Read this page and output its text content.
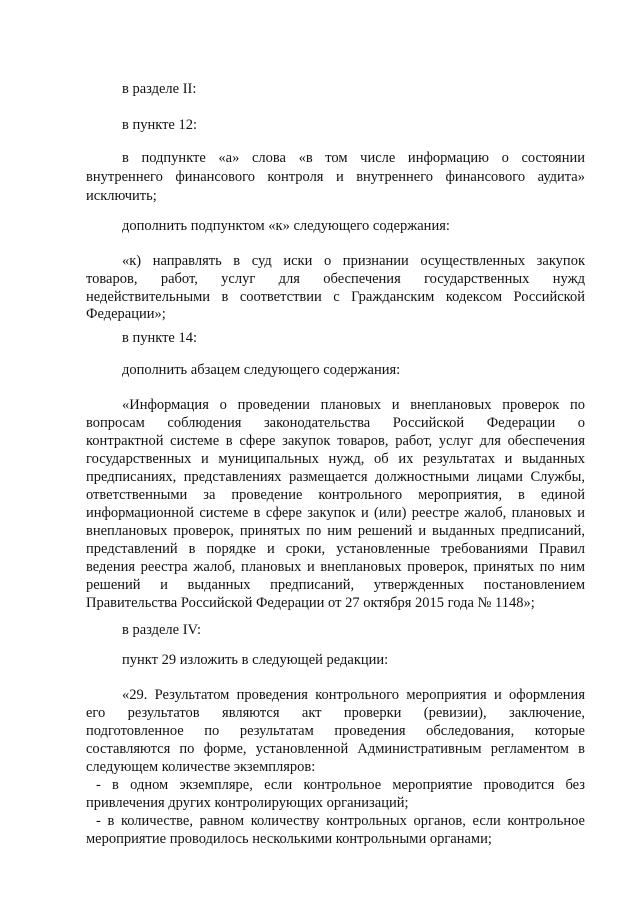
в разделе II:
в пункте 12:
в подпункте «а» слова «в том числе информацию о состоянии
внутреннего финансового контроля и внутреннего финансового аудита»
исключить;
дополнить подпунктом «к» следующего содержания:
«к) направлять в суд иски о признании осуществленных закупок
товаров, работ, услуг для обеспечения государственных нужд
недействительными в соответствии с Гражданским кодексом Российской
Федерации»;
в пункте 14:
дополнить абзацем следующего содержания:
«Информация о проведении плановых и внеплановых проверок по
вопросам соблюдения законодательства Российской Федерации о
контрактной системе в сфере закупок товаров, работ, услуг для обеспечения
государственных и муниципальных нужд, об их результатах и выданных
предписаниях, представлениях размещается должностными лицами Службы,
ответственными за проведение контрольного мероприятия, в единой
информационной системе в сфере закупок и (или) реестре жалоб, плановых и
внеплановых проверок, принятых по ним решений и выданных предписаний,
представлений в порядке и сроки, установленные требованиями Правил
ведения реестра жалоб, плановых и внеплановых проверок, принятых по ним
решений и выданных предписаний, утвержденных постановлением
Правительства Российской Федерации от 27 октября 2015 года № 1148»;
в разделе IV:
пункт 29 изложить в следующей редакции:
«29. Результатом проведения контрольного мероприятия и оформления
его результатов являются акт проверки (ревизии), заключение,
подготовленное по результатам проведения обследования, которые
составляются по форме, установленной Административным регламентом в
следующем количестве экземпляров:
- в одном экземпляре, если контрольное мероприятие проводится без
привлечения других контролирующих организаций;
- в количестве, равном количеству контрольных органов, если контрольное
мероприятие проводилось несколькими контрольными органами;
